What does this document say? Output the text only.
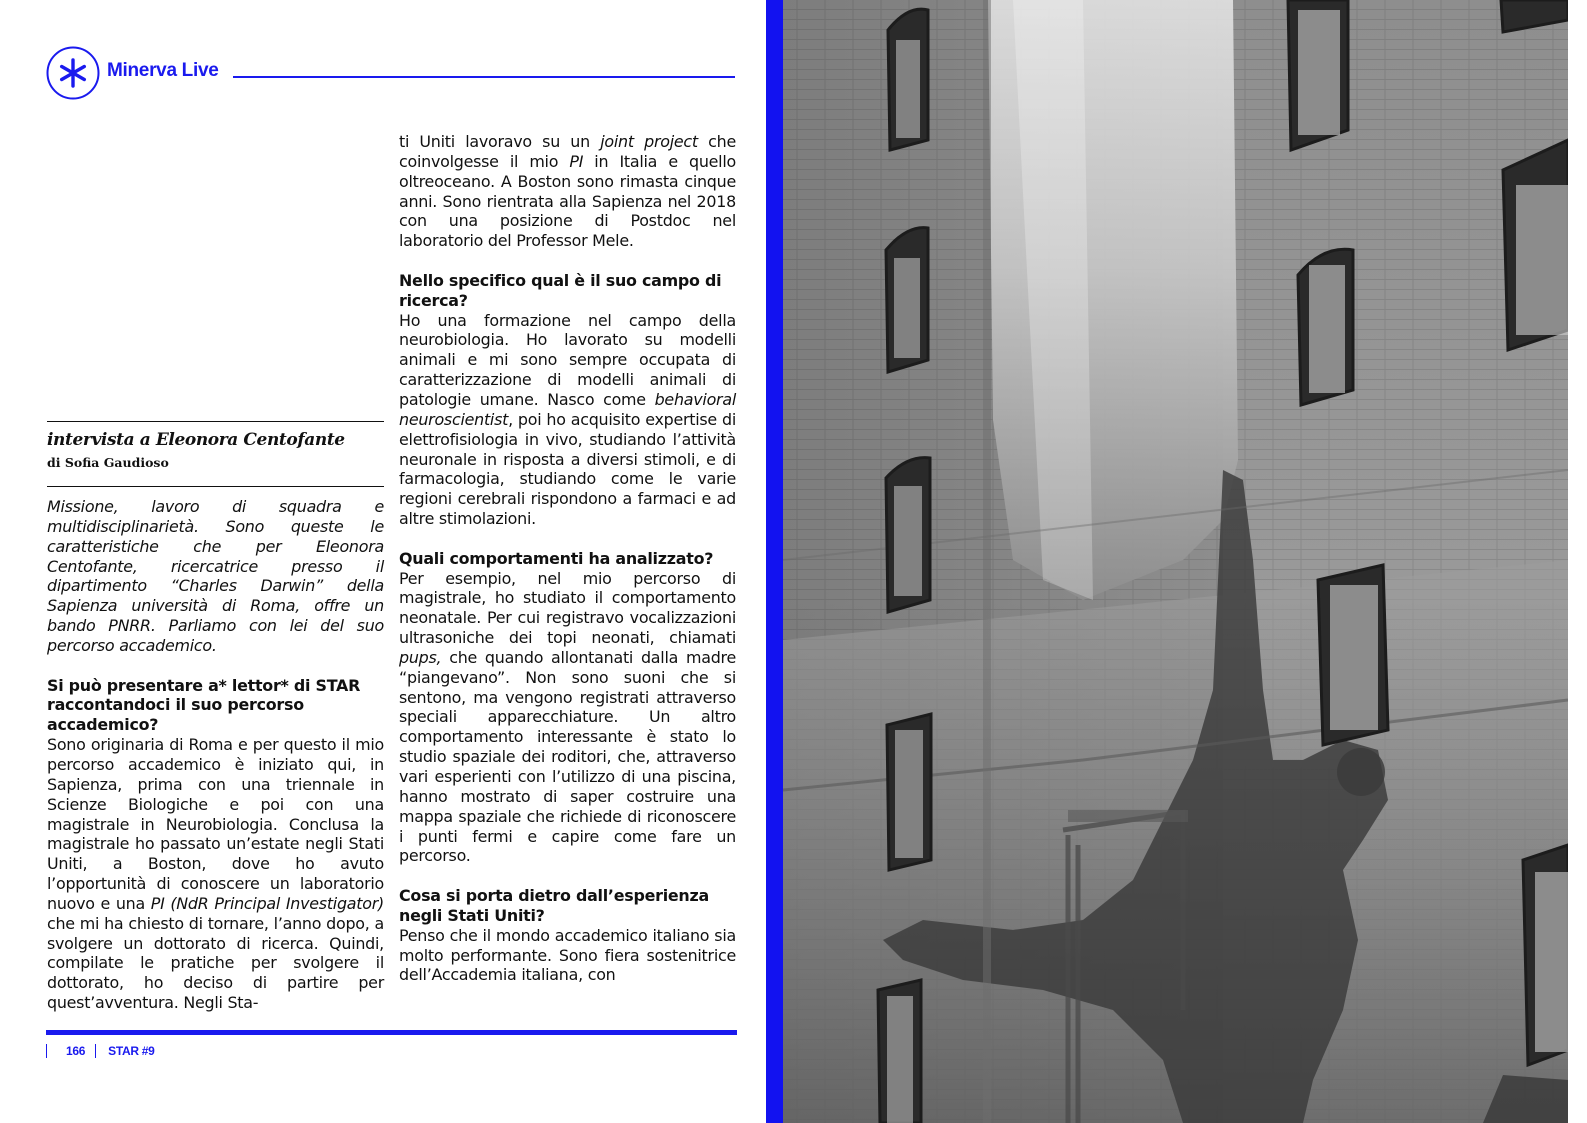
Minerva Live
intervista a Eleonora Centofante
di Sofia Gaudioso

Missione, lavoro di squadra e multidisciplinarietà. Sono queste le caratteristiche che per Eleonora Centofante, ricercatrice presso il dipartimento “Charles Darwin” della Sapienza università di Roma, offre un bando PNRR. Parliamo con lei del suo percorso accademico.

Si può presentare a* lettor* di STAR raccontandoci il suo percorso accademico?

Sono originaria di Roma e per questo il mio percorso accademico è iniziato qui, in Sapienza, prima con una triennale in Scienze Biologiche e poi con una magistrale in Neurobiologia. Conclusa la magistrale ho passato un’estate negli Stati Uniti, a Boston, dove ho avuto l’opportunità di conoscere un laboratorio nuovo e una PI (NdR Principal Investigator) che mi ha chiesto di tornare, l’anno dopo, a svolgere un dottorato di ricerca. Quindi, compilate le pratiche per svolgere il dottorato, ho deciso di partire per quest’avventura. Negli Sta-

ti Uniti lavoravo su un joint project che coinvolgesse il mio PI in Italia e quello oltreoceano. A Boston sono rimasta cinque anni. Sono rientrata alla Sapienza nel 2018 con una posizione di Postdoc nel laboratorio del Professor Mele.

Nello specifico qual è il suo campo di ricerca?

Ho una formazione nel campo della neurobiologia. Ho lavorato su modelli animali e mi sono sempre occupata di caratterizzazione di modelli animali di patologie umane. Nasco come behavioral neuroscientist, poi ho acquisito expertise di elettrofisiologia in vivo, studiando l’attività neuronale in risposta a diversi stimoli, e di farmacologia, studiando come le varie regioni cerebrali rispondono a farmaci e ad altre stimolazioni.

Quali comportamenti ha analizzato?

Per esempio, nel mio percorso di magistrale, ho studiato il comportamento neonatale. Per cui registravo vocalizzazioni ultrasoniche dei topi neonati, chiamati pups, che quando allontanati dalla madre “piangevano”. Non sono suoni che si sentono, ma vengono registrati attraverso speciali apparecchiature. Un altro comportamento interessante è stato lo studio spaziale dei roditori, che, attraverso vari esperienti con l’utilizzo di una piscina, hanno mostrato di saper costruire una mappa spaziale che richiede di riconoscere i punti fermi e capire come fare un percorso.

Cosa si porta dietro dall’esperienza negli Stati Uniti?

Penso che il mondo accademico italiano sia molto performante. Sono fiera sostenitrice dell’Accademia italiana, con

166 STAR #9
